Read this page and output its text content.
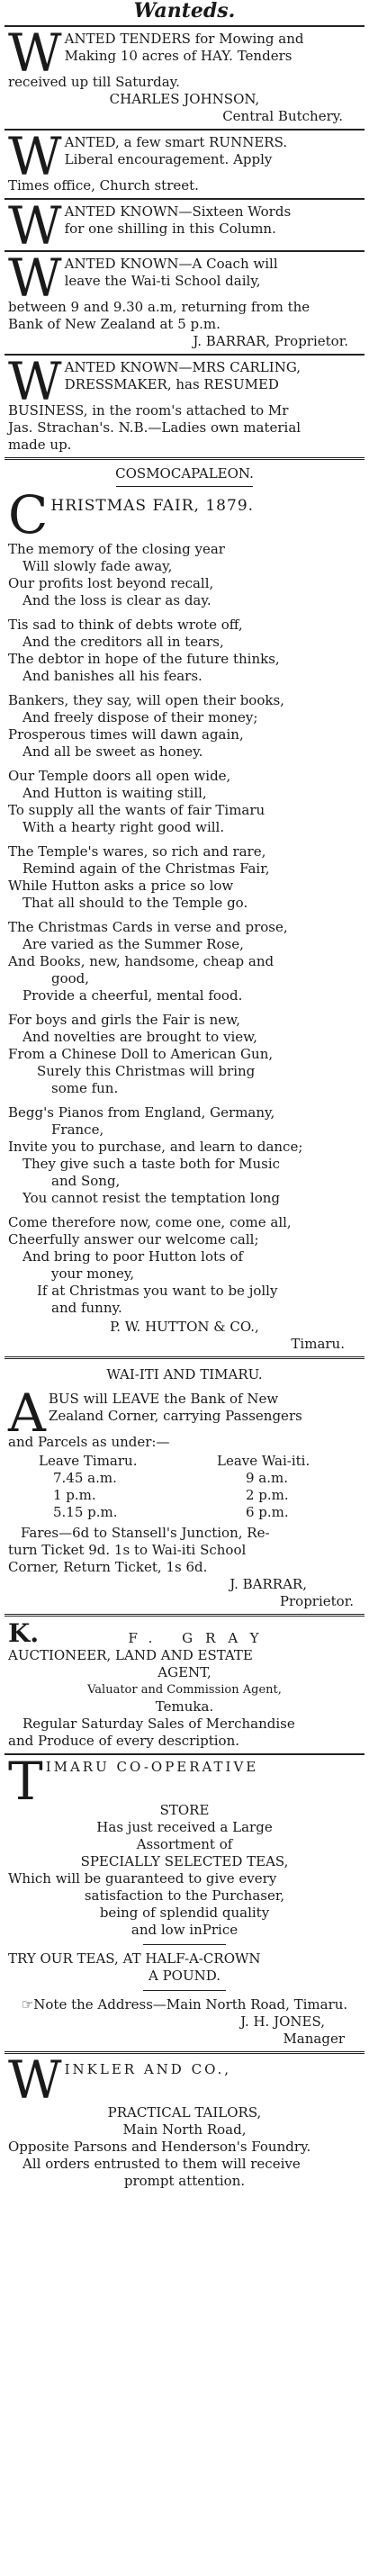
Wanteds.
W ANTED TENDERS for Mowing and

Making 10 acres of HAY. Tenders

received up till Saturday.

CHARLES JOHNSON,

Central Butchery.

W ANTED, a few smart RUNNERS.

Liberal encouragement. Apply

Times office, Church street.

W ANTED KNOWN—Sixteen Words

for one shilling in this Column.

W ANTED KNOWN—A Coach will

leave the Wai-ti School daily,

between 9 and 9.30 a.m, returning from the

Bank of New Zealand at 5 p.m.

J. BARRAR, Proprietor.

W ANTED KNOWN—MRS CARLING,

DRESSMAKER, has RESUMED

BUSINESS, in the room's attached to Mr

Jas. Strachan's. N.B.—Ladies own material

made up.

COSMOCAPALEON.

C HRISTMAS FAIR, 1879.

The memory of the closing year

Will slowly fade away,

Our profits lost beyond recall,

And the loss is clear as day.

Tis sad to think of debts wrote off,

And the creditors all in tears,

The debtor in hope of the future thinks,

And banishes all his fears.

Bankers, they say, will open their books,

And freely dispose of their money;

Prosperous times will dawn again,

And all be sweet as honey.

Our Temple doors all open wide,

And Hutton is waiting still,

To supply all the wants of fair Timaru

With a hearty right good will.

The Temple's wares, so rich and rare,

Remind again of the Christmas Fair,

While Hutton asks a price so low

That all should to the Temple go.

The Christmas Cards in verse and prose,

Are varied as the Summer Rose,

And Books, new, handsome, cheap and

good,

Provide a cheerful, mental food.

For boys and girls the Fair is new,

And novelties are brought to view,

From a Chinese Doll to American Gun,

Surely this Christmas will bring

some fun.

Begg's Pianos from England, Germany,

France,

Invite you to purchase, and learn to dance;

They give such a taste both for Music

and Song,

You cannot resist the temptation long

Come therefore now, come one, come all,

Cheerfully answer our welcome call;

And bring to poor Hutton lots of

your money,

If at Christmas you want to be jolly

and funny.

P. W. HUTTON & CO.,

Timaru.

WAI-ITI AND TIMARU.

A BUS will LEAVE the Bank of New

Zealand Corner, carrying Passengers

and Parcels as under:—

Leave Timaru.

7.45 a.m.

1 p.m.

5.15 p.m.

Leave Wai-iti.

9 a.m.

2 p.m.

6 p.m.

Fares—6d to Stansell's Junction, Re-

turn Ticket 9d. 1s to Wai-iti School

Corner, Return Ticket, 1s 6d.

J. BARRAR,

Proprietor.

K.	F. GRAY

AUCTIONEER, LAND AND ESTATE

AGENT,

Valuator and Commission Agent,

Temuka.

Regular Saturday Sales of Merchandise

and Produce of every description.

T IMARU CO-OPERATIVE

STORE

Has just received a Large

Assortment of

SPECIALLY SELECTED TEAS,

Which will be guaranteed to give every

satisfaction to the Purchaser,

being of splendid quality

and low inPrice

TRY OUR TEAS, AT HALF-A-CROWN

A POUND.

☞Note the Address—Main North Road, Timaru.

J. H. JONES,

Manager

W INKLER AND CO.,

PRACTICAL TAILORS,

Main North Road,

Opposite Parsons and Henderson's Foundry.

All orders entrusted to them will receive

prompt attention.
